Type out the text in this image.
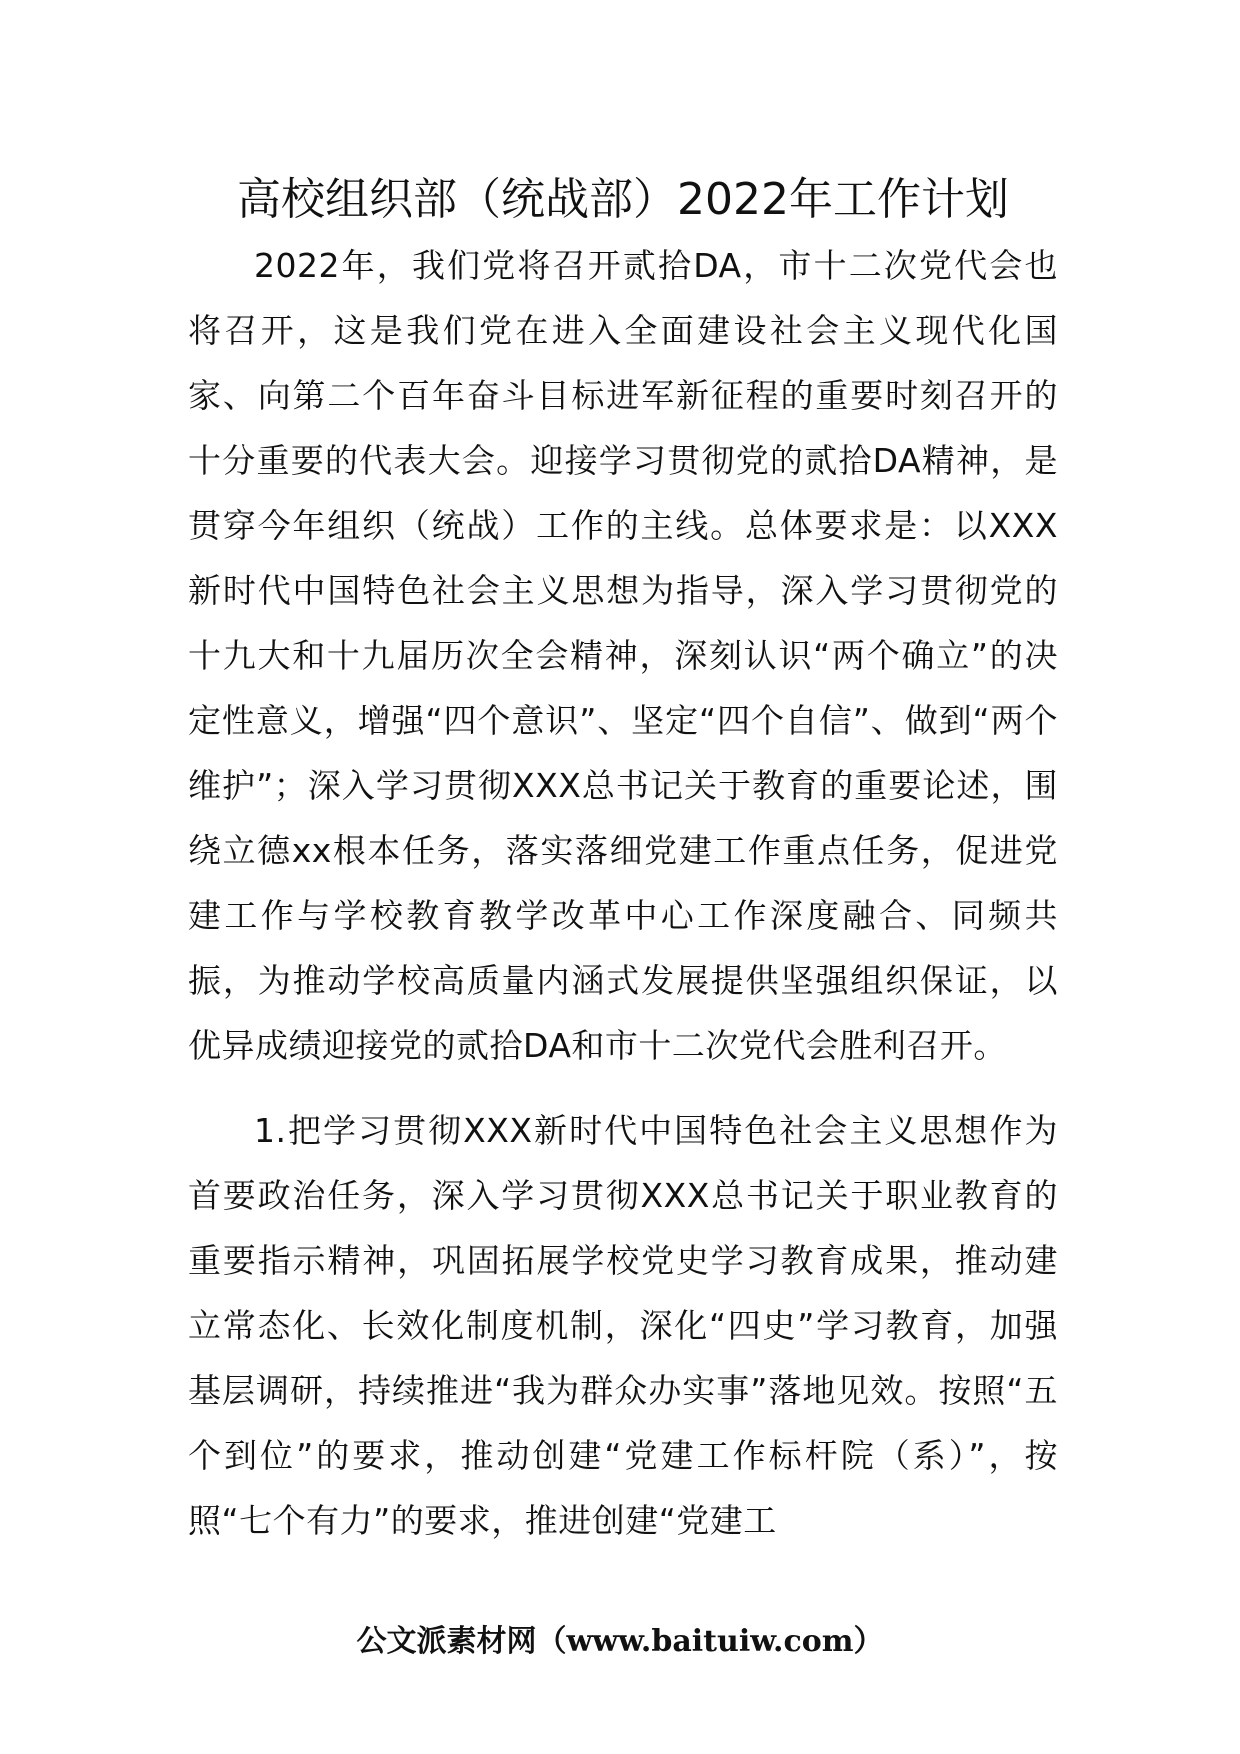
高校组织部（统战部）2022年工作计划

2022年，我们党将召开贰拾DA，市十二次党代会也将召开，这是我们党在进入全面建设社会主义现代化国家、向第二个百年奋斗目标进军新征程的重要时刻召开的十分重要的代表大会。迎接学习贯彻党的贰拾DA精神，是贯穿今年组织（统战）工作的主线。总体要求是：以XXX新时代中国特色社会主义思想为指导，深入学习贯彻党的十九大和十九届历次全会精神，深刻认识“两个确立”的决定性意义，增强“四个意识”、坚定“四个自信”、做到“两个维护”；深入学习贯彻XXX总书记关于教育的重要论述，围绕立德xx根本任务，落实落细党建工作重点任务，促进党建工作与学校教育教学改革中心工作深度融合、同频共振，为推动学校高质量内涵式发展提供坚强组织保证，以优异成绩迎接党的贰拾DA和市十二次党代会胜利召开。

1.把学习贯彻XXX新时代中国特色社会主义思想作为首要政治任务，深入学习贯彻XXX总书记关于职业教育的重要指示精神，巩固拓展学校党史学习教育成果，推动建立常态化、长效化制度机制，深化“四史”学习教育，加强基层调研，持续推进“我为群众办实事”落地见效。按照“五个到位”的要求，推动创建“党建工作标杆院（系）”，按照“七个有力”的要求，推进创建“党建工

公文派素材网（www.baituiw.com）
